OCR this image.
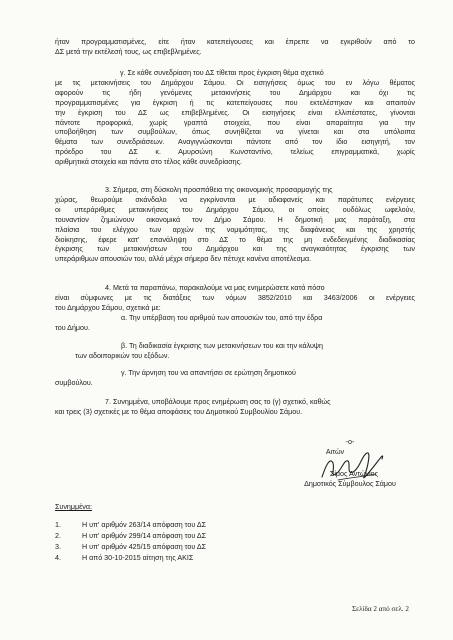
ήταν προγραμματισμένες, είτε ήταν κατεπείγουσες και έπρεπε να εγκριθούν από το
ΔΣ μετά την εκτέλεσή τους, ως επιβεβλημένες.
γ. Σε κάθε συνεδρίαση του ΔΣ τίθεται προς έγκριση θέμα σχετικό
με τις μετακινήσεις του Δημάρχου Σάμου. Οι εισηγήσεις όμως του εν λόγω θέματος
αφορούν τις ήδη γενόμενες μετακινήσεις του Δημάρχου και όχι τις
προγραμματισμένες για έγκριση ή τις κατεπείγουσες που εκτελέστηκαν και απαιτούν
την έγκριση του ΔΣ ως επιβεβλημένες. Οι εισηγήσεις είναι ελλιπέστατες, γίνονται
πάντοτε προφορικά, χωρίς γραπτά στοιχεία, που είναι απαραίτητα για την
υποβοήθηση των συμβούλων, όπως συνηθίζεται να γίνεται και στα υπόλοιπα
θέματα των συνεδριάσεων. Αναγιγνώσκονται πάντοτε από τον ίδιο εισηγητή, τον
πρόεδρο του ΔΣ κ. Αμυρσώνη Κωνσταντίνο, τελείως επιγραμματικά, χωρίς
αριθμητικά στοιχεία και πάντα στο τέλος κάθε συνεδρίασης.
3. Σήμερα, στη δύσκολη προσπάθεια της οικονομικής προσαρμογής της
χώρας, θεωρούμε σκάνδαλο να εγκρίνονται με αδιαφανείς και παράτυπες ενέργειες
οι υπεράριθμες μετακινήσεις του Δημάρχου Σάμου, οι οποίες ουδόλως ωφελούν,
τουναντίον ζημιώνουν οικονομικά τον Δήμο Σάμου. Η δημοτική μας παράταξη, στα
πλαίσια του ελέγχου των αρχών της νομιμότητας, της διαφάνειας και της χρηστής
διοίκησης, έφερε κατ' επανάληψη στο ΔΣ το θέμα της μη ενδεδειγμένης διαδικασίας
έγκρισης των μετακινήσεων του Δημάρχου και της αναγκαιότητας έγκρισης των
υπεράριθμων απουσιών του, αλλά μέχρι σήμερα δεν πέτυχε κανένα αποτέλεσμα.
4. Μετά τα παραπάνω, παρακαλούμε να μας ενημερώσετε κατά πόσο
είναι σύμφωνες με τις διατάξεις των νόμων 3852/2010 και 3463/2006 οι ενέργειες
του Δημάρχου Σάμου, σχετικά με:
α. Την υπέρβαση του αριθμού των απουσιών του, από την έδρα
του Δήμου.
β. Τη διαδικασία έγκρισης των μετακινήσεων του και την κάλυψη
των αδοιπορικών του εξόδων.
γ. Την άρνηση του να απαντήσει σε ερώτηση δημοτικού
συμβούλου.
7. Συνημμένα, υποβάλουμε προς ενημέρωση σας το (γ) σχετικό, καθώς
και τρεις (3) σχετικές με το θέμα αποφάσεις του Δημοτικού Συμβουλίου Σάμου.
-ο-
Αιτών
Σίμος Αντώνιος
Δημοτικός Σύμβουλος Σάμου
Συνημμένα:
1.	Η υπ' αριθμόν 263/14 απόφαση του ΔΣ
2.	Η υπ' αριθμόν 299/14 απόφαση του ΔΣ
3.	Η υπ' αριθμόν 425/15 απόφαση του ΔΣ
4.	Η από 30-10-2015 αίτηση της ΑΚΙΣ
Σελίδα 2 από σελ. 2
